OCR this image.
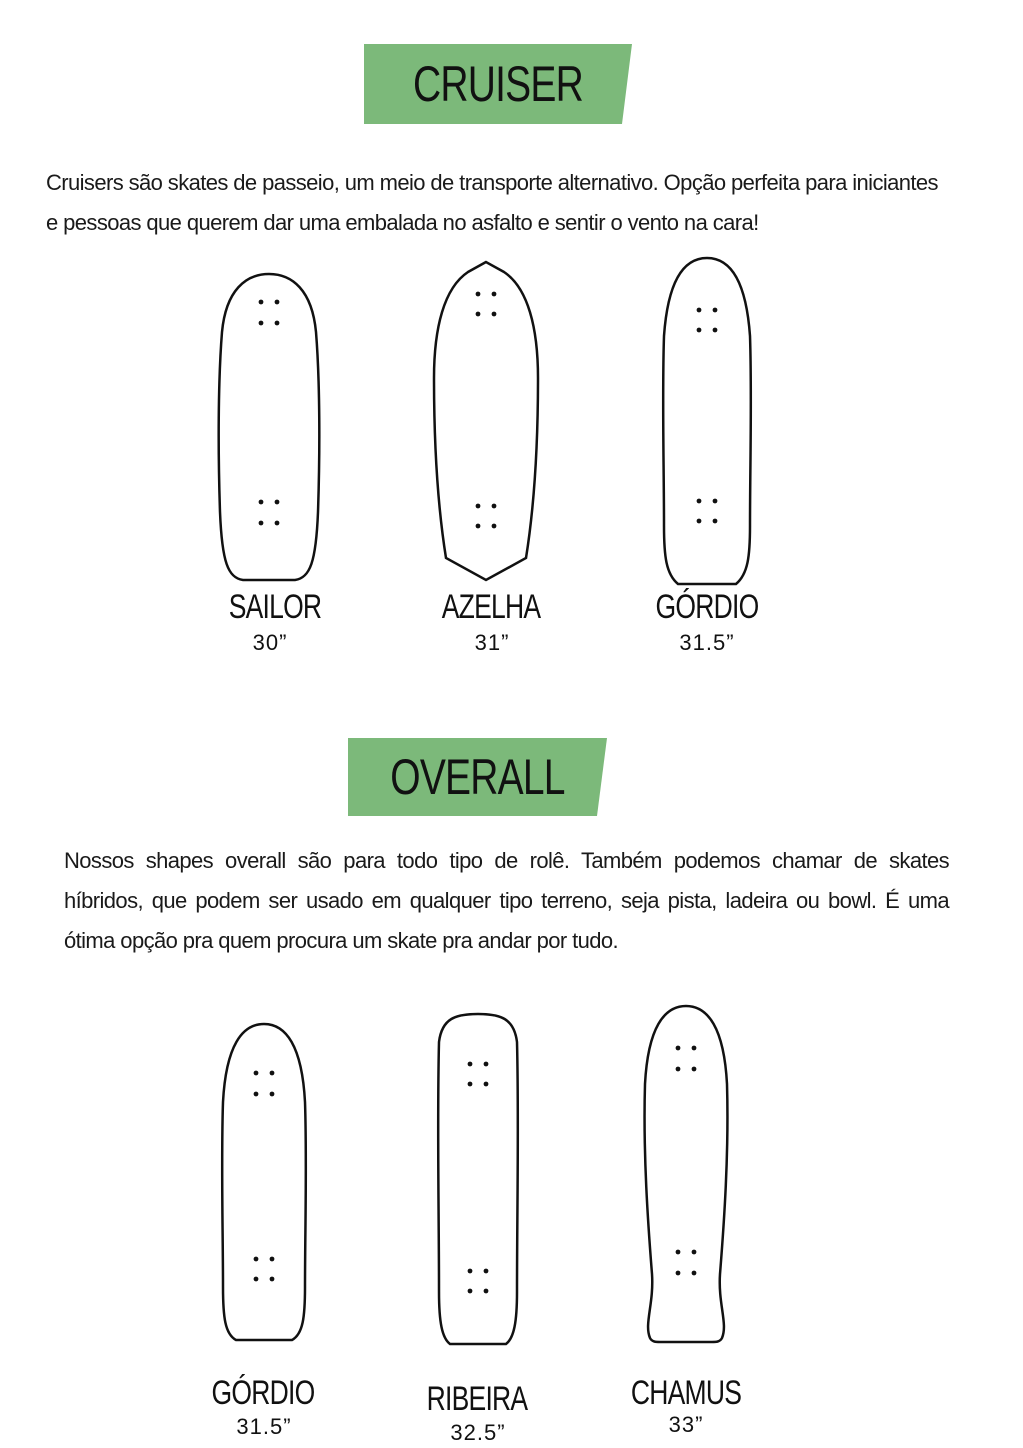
CRUISER
Cruisers são skates de passeio, um meio de transporte alternativo. Opção perfeita para iniciantes e pessoas que querem dar uma embalada no asfalto e sentir o vento na cara!
SAILOR
30”
AZELHA
31”
GÓRDIO
31.5”
OVERALL
Nossos shapes overall são para todo tipo de rolê. Também podemos chamar de skates híbridos, que podem ser usado em qualquer tipo terreno, seja pista, ladeira ou bowl. É uma ótima opção pra quem procura um skate pra andar por tudo.
GÓRDIO
31.5”
RIBEIRA
32.5”
CHAMUS
33”
